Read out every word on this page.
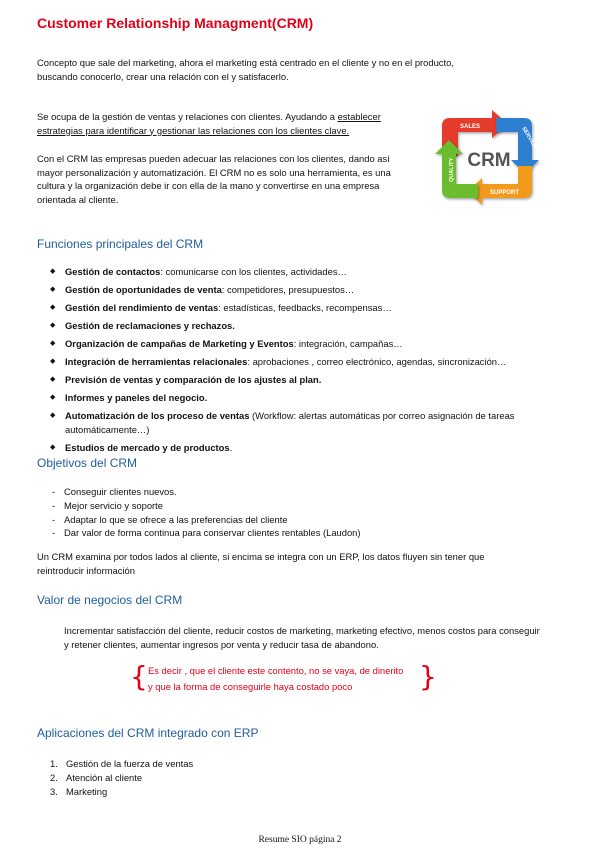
Customer Relationship Managment(CRM)
Concepto que sale del marketing, ahora el marketing está centrado en el cliente y no en el producto, buscando conocerlo, crear una relación con el y satisfacerlo.
Se ocupa de la gestión de ventas y relaciones con clientes. Ayudando a establecer estrategias para identificar y gestionar las relaciones con los clientes clave.
Con el CRM las empresas pueden adecuar las relaciones con los clientes, dando así mayor personalización y automatización. El CRM no es solo una herramienta, es una cultura y la organización debe ir con ella de la mano y convertirse en una empresa orientada al cliente.
SALES	SERVICE
SUPPORT
QUALITY CRM
Funciones principales del CRM
◆ Gestión de contactos: comunicarse con los clientes, actividades…
◆ Gestión de oportunidades de venta: competidores, presupuestos…
◆ Gestión del rendimiento de ventas: estadísticas, feedbacks, recompensas…
◆ Gestión de reclamaciones y rechazos.
◆ Organización de campañas de Marketing y Eventos: integración, campañas…
◆ Integración de herramientas relacionales: aprobaciones , correo electrónico, agendas, sincronización…
◆ Previsión de ventas y comparación de los ajustes al plan.
◆ Informes y paneles del negocio.
◆ Automatización de los proceso de ventas (Workflow: alertas automáticas por correo asignación de tareas automáticamente…)
◆ Estudios de mercado y de productos.
Objetivos del CRM
- Conseguir clientes nuevos.
- Mejor servicio y soporte
- Adaptar lo que se ofrece a las preferencias del cliente
- Dar valor de forma continua para conservar clientes rentables (Laudon)
Un CRM examina por todos lados al cliente, si encima se integra con un ERP, los datos fluyen sin tener que reintroducir información
Valor de negocios del CRM
Incrementar satisfacción del cliente, reducir costos de marketing, marketing efectivo, menos costos para conseguir y retener clientes, aumentar ingresos por venta y reducir tasa de abandono.
{ Es decir , que el cliente este contento, no se vaya, de dinerito
y que la forma de conseguirle haya costado poco	}
Aplicaciones del CRM integrado con ERP
1. Gestión de la fuerza de ventas
2. Atención al cliente
3. Marketing
Resume SIO página 2
